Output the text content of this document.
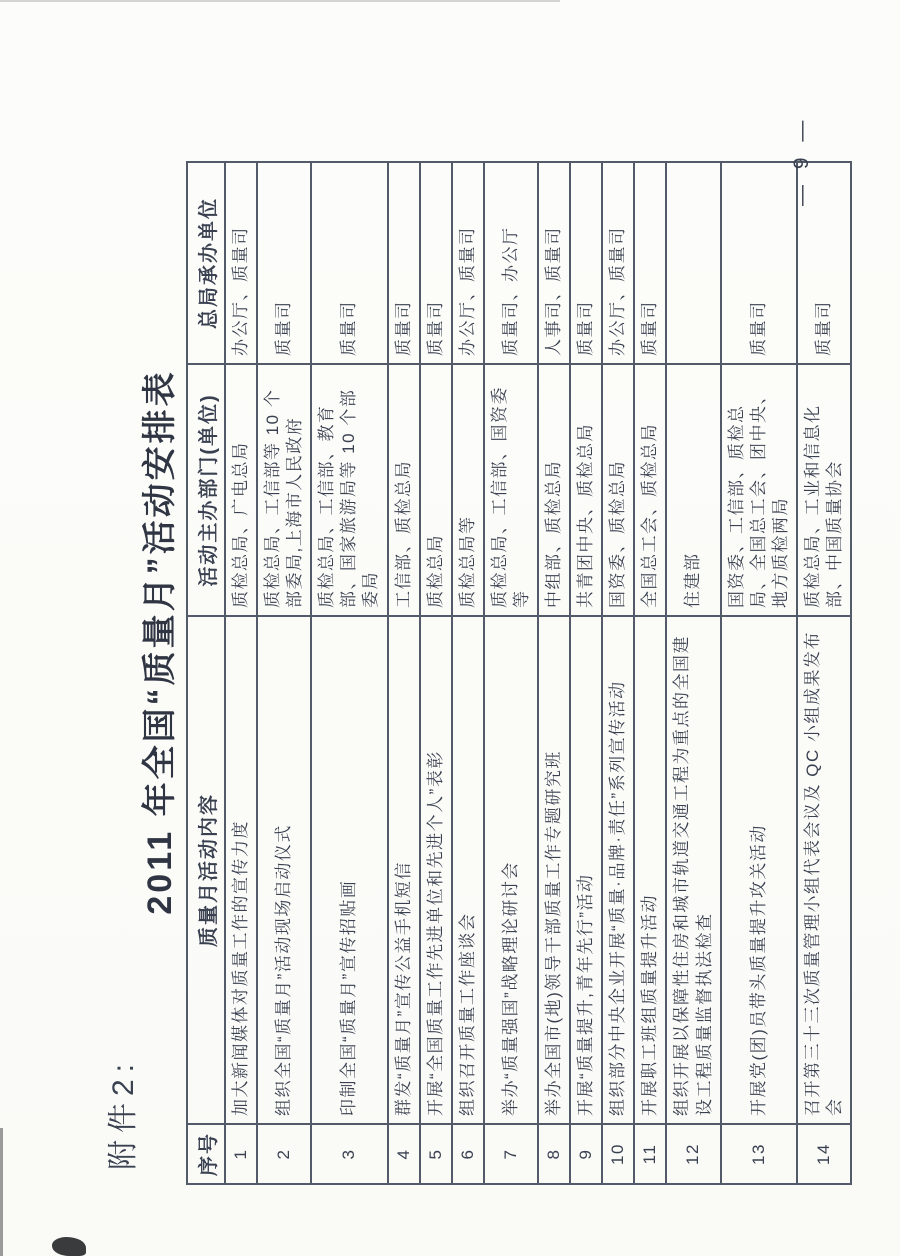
附件2:
2011 年全国“质量月”活动安排表
序号	质量月活动内容	活动主办部门(单位)	总局承办单位
1	加大新闻媒体对质量工作的宣传力度	质检总局、广电总局	办公厅、质量司
2	组织全国“质量月”活动现场启动仪式	质检总局、工信部等 10 个部委局,上海市人民政府	质量司
3	印制全国“质量月”宣传招贴画	质检总局、工信部、教育部、国家旅游局等 10 个部委局	质量司
4	群发“质量月”宣传公益手机短信	工信部、质检总局	质量司
5	开展“全国质量工作先进单位和先进个人”表彰	质检总局	质量司
6	组织召开质量工作座谈会	质检总局等	办公厅、质量司
7	举办“质量强国”战略理论研讨会	质检总局、工信部、国资委等	质量司、办公厅
8	举办全国市(地)领导干部质量工作专题研究班	中组部、质检总局	人事司、质量司
9	开展“质量提升,青年先行”活动	共青团中央、质检总局	质量司
10	组织部分中央企业开展“质量·品牌·责任”系列宣传活动	国资委、质检总局	办公厅、质量司
11	开展职工班组质量提升活动	全国总工会、质检总局	质量司
12	组织开展以保障性住房和城市轨道交通工程为重点的全国建设工程质量监督执法检查	住建部	
13	开展党(团)员带头质量提升攻关活动	国资委、工信部、质检总局、全国总工会、团中央、地方质检两局	质量司
14	召开第三十三次质量管理小组代表会议及 QC 小组成果发布会	质检总局、工业和信息化部、中国质量协会	质量司
— 9 —
